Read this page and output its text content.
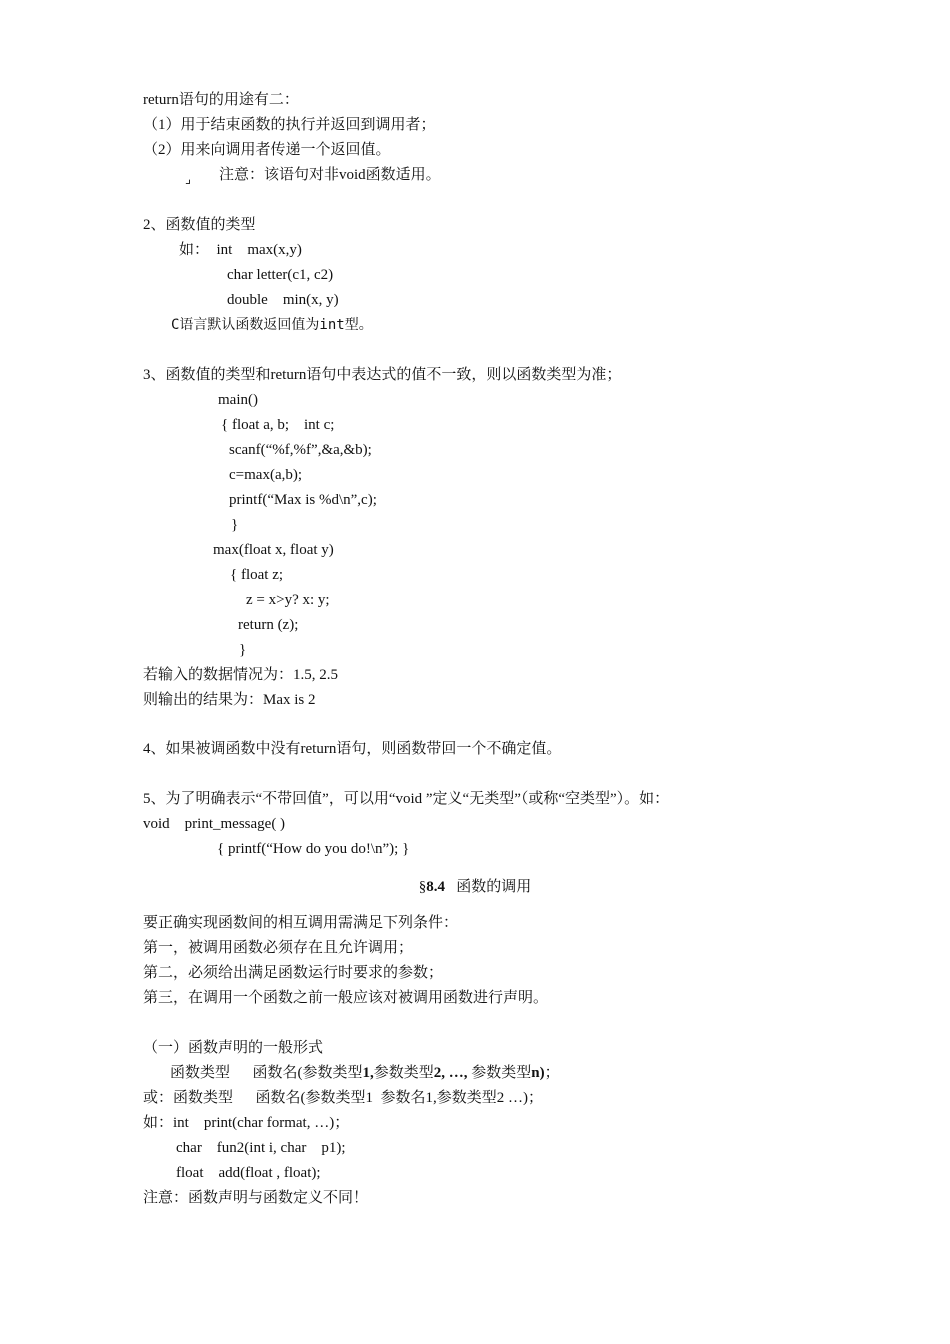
return语句的用途有二：
（1）用于结束函数的执行并返回到调用者；
（2）用来向调用者传递一个返回值。
⌟ 注意：该语句对非void函数适用。
2、函数值的类型
如：  int    max(x,y)
char letter(c1, c2)
double    min(x, y)
C语言默认函数返回值为int型。
3、函数值的类型和return语句中表达式的值不一致，则以函数类型为准；
main()
{ float a, b;    int c;
scanf(“%f,%f”,&a,&b);
c=max(a,b);
printf(“Max is %d\n”,c);
}
max(float x, float y)
{ float z;
z = x>y? x: y;
return (z);
}
若输入的数据情况为：1.5, 2.5
则输出的结果为：Max is 2
4、如果被调函数中没有return语句，则函数带回一个不确定值。
5、为了明确表示“不带回值”，可以用“void ”定义“无类型”（或称“空类型”）。如：
void    print_message( )
{ printf(“How do you do!\n”); }
§8.4 函数的调用
要正确实现函数间的相互调用需满足下列条件：
第一，被调用函数必须存在且允许调用；
第二，必须给出满足函数运行时要求的参数；
第三，在调用一个函数之前一般应该对被调用函数进行声明。
（一）函数声明的一般形式
函数类型      函数名(参数类型1,参数类型2, …, 参数类型n)；
或：函数类型      函数名(参数类型1  参数名1,参数类型2 …)；
如：int    print(char format, …)；
char    fun2(int i, char    p1);
float    add(float , float);
注意：函数声明与函数定义不同！
